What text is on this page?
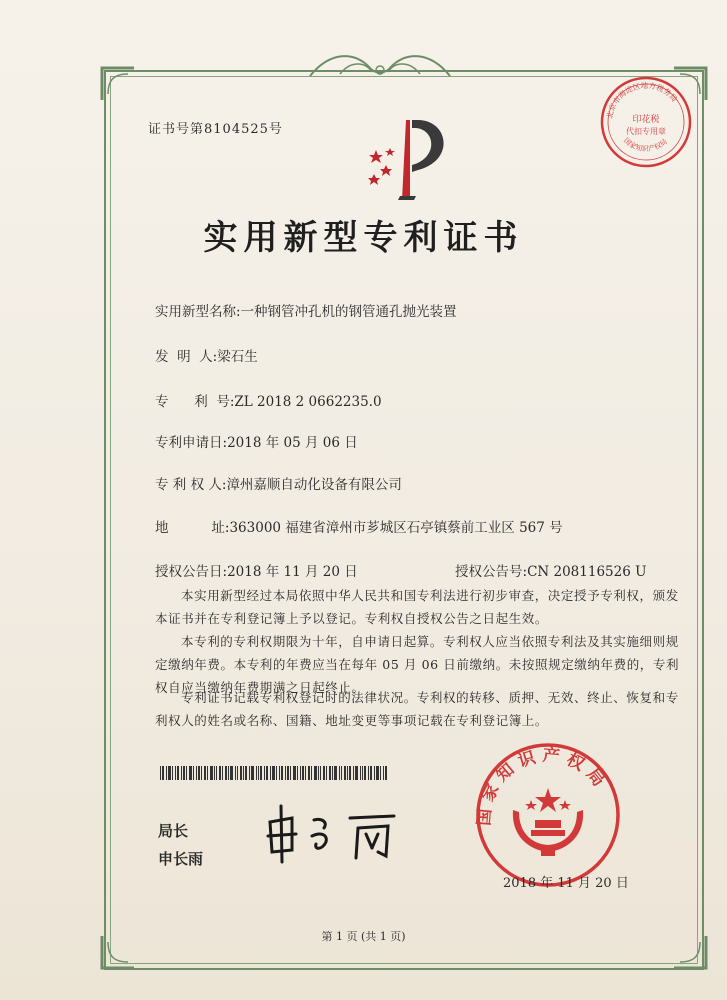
证书号第8104525号
实用新型专利证书
北京市海淀区地方税务局
印花税
代扣专用章
国家知识产权局
实用新型名称:一种钢管冲孔机的钢管通孔抛光装置
发  明  人:梁石生
专      利  号:ZL 2018 2 0662235.0
专利申请日:2018 年 05 月 06 日
专 利 权 人:漳州嘉顺自动化设备有限公司
地          址:363000 福建省漳州市芗城区石亭镇蔡前工业区 567 号
授权公告日:2018 年 11 月 20 日	授权公告号:CN 208116526 U
本实用新型经过本局依照中华人民共和国专利法进行初步审查，决定授予专利权，颁发本证书并在专利登记簿上予以登记。专利权自授权公告之日起生效。
本专利的专利权期限为十年，自申请日起算。专利权人应当依照专利法及其实施细则规定缴纳年费。本专利的年费应当在每年 05 月 06 日前缴纳。未按照规定缴纳年费的，专利权自应当缴纳年费期满之日起终止。
专利证书记载专利权登记时的法律状况。专利权的转移、质押、无效、终止、恢复和专利权人的姓名或名称、国籍、地址变更等事项记载在专利登记簿上。
局长
申长雨
国家知识产权局
2018 年 11 月 20 日
第 1 页 (共 1 页)
